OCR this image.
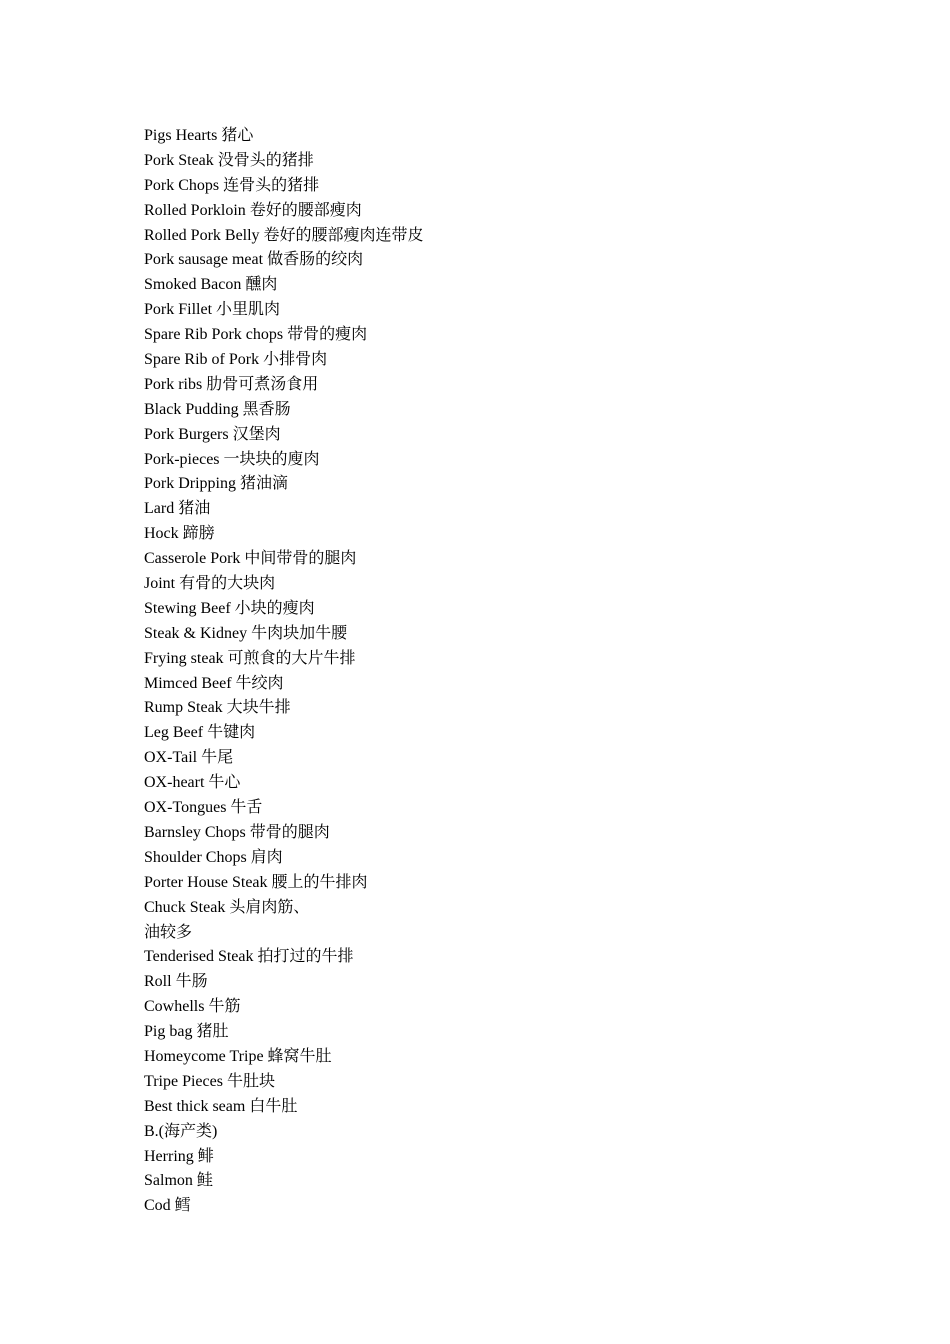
Pigs Hearts 猪心
Pork Steak 没骨头的猪排
Pork Chops 连骨头的猪排
Rolled Porkloin 卷好的腰部瘦肉
Rolled Pork Belly 卷好的腰部瘦肉连带皮
Pork sausage meat 做香肠的绞肉
Smoked Bacon 醺肉
Pork Fillet 小里肌肉
Spare Rib Pork chops 带骨的瘦肉
Spare Rib of Pork 小排骨肉
Pork ribs 肋骨可煮汤食用
Black Pudding 黑香肠
Pork Burgers 汉堡肉
Pork-pieces 一块块的廋肉
Pork Dripping 猪油滴
Lard 猪油
Hock 蹄膀
Casserole Pork 中间带骨的腿肉
Joint 有骨的大块肉
Stewing Beef 小块的瘦肉
Steak & Kidney 牛肉块加牛腰
Frying steak 可煎食的大片牛排
Mimced Beef 牛绞肉
Rump Steak 大块牛排
Leg Beef 牛键肉
OX-Tail 牛尾
OX-heart 牛心
OX-Tongues 牛舌
Barnsley Chops 带骨的腿肉
Shoulder Chops 肩肉
Porter House Steak 腰上的牛排肉
Chuck Steak 头肩肉筋、
油较多
Tenderised Steak 拍打过的牛排
Roll 牛肠
Cowhells 牛筋
Pig bag 猪肚
Homeycome Tripe 蜂窝牛肚
Tripe Pieces 牛肚块
Best thick seam 白牛肚
B.(海产类)
Herring 鲱
Salmon 鲑
Cod 鳕
